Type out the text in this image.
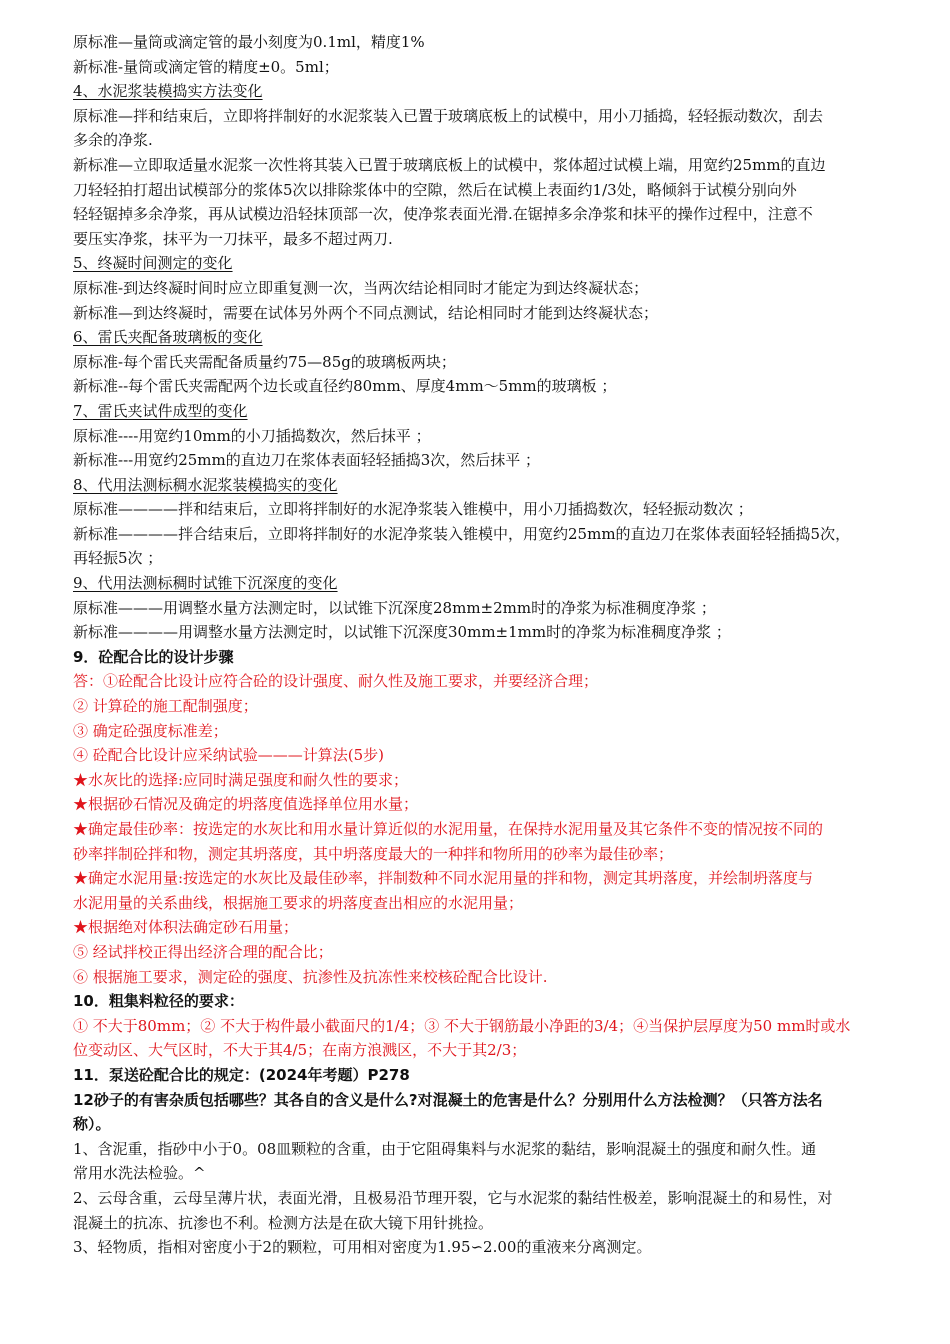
原标准—量筒或滴定管的最小刻度为0.1ml，精度1%

新标准-量筒或滴定管的精度±0。5ml；

4、水泥浆装模捣实方法变化

原标准—拌和结束后，立即将拌制好的水泥浆装入已置于玻璃底板上的试模中，用小刀插捣，轻轻振动数次，刮去

多余的净浆.

新标准—立即取适量水泥浆一次性将其装入已置于玻璃底板上的试模中，浆体超过试模上端，用宽约25mm的直边

刀轻轻拍打超出试模部分的浆体5次以排除浆体中的空隙，然后在试模上表面约1/3处，略倾斜于试模分别向外

轻轻锯掉多余净浆，再从试模边沿轻抹顶部一次，使净浆表面光滑.在锯掉多余净浆和抹平的操作过程中，注意不

要压实净浆，抹平为一刀抹平，最多不超过两刀.

5、终凝时间测定的变化

原标准-到达终凝时间时应立即重复测一次，当两次结论相同时才能定为到达终凝状态；

新标准—到达终凝时，需要在试体另外两个不同点测试，结论相同时才能到达终凝状态；

6、雷氏夹配备玻璃板的变化

原标准-每个雷氏夹需配备质量约75—85g的玻璃板两块；

新标准--每个雷氏夹需配两个边长或直径约80mm、厚度4mm～5mm的玻璃板 ；

7、雷氏夹试件成型的变化

原标准----用宽约10mm的小刀插捣数次，然后抹平 ；

新标准---用宽约25mm的直边刀在浆体表面轻轻插捣3次，然后抹平 ；

8、代用法测标稠水泥浆装模捣实的变化

原标准————拌和结束后，立即将拌制好的水泥净浆装入锥模中，用小刀插捣数次，轻轻振动数次 ；

新标准————拌合结束后，立即将拌制好的水泥净浆装入锥模中，用宽约25mm的直边刀在浆体表面轻轻插捣5次，

再轻振5次 ；

9、代用法测标稠时试锥下沉深度的变化

原标准———用调整水量方法测定时，以试锥下沉深度28mm±2mm时的净浆为标准稠度净浆 ；

新标准————用调整水量方法测定时，以试锥下沉深度30mm±1mm时的净浆为标准稠度净浆 ；

9．砼配合比的设计步骤

答：①砼配合比设计应符合砼的设计强度、耐久性及施工要求，并要经济合理；

② 计算砼的施工配制强度；

③ 确定砼强度标准差；

④ 砼配合比设计应采纳试验———计算法(5步)

★水灰比的选择:应同时满足强度和耐久性的要求；

★根据砂石情况及确定的坍落度值选择单位用水量；

★确定最佳砂率：按选定的水灰比和用水量计算近似的水泥用量，在保持水泥用量及其它条件不变的情况按不同的

砂率拌制砼拌和物，测定其坍落度，其中坍落度最大的一种拌和物所用的砂率为最佳砂率；

★确定水泥用量:按选定的水灰比及最佳砂率，拌制数种不同水泥用量的拌和物，测定其坍落度，并绘制坍落度与

水泥用量的关系曲线，根据施工要求的坍落度查出相应的水泥用量；

★根据绝对体积法确定砂石用量；

⑤ 经试拌校正得出经济合理的配合比；

⑥ 根据施工要求，测定砼的强度、抗渗性及抗冻性来校核砼配合比设计.

10．粗集料粒径的要求：

① 不大于80mm；② 不大于构件最小截面尺的1/4；③ 不大于钢筋最小净距的3/4；④当保护层厚度为50 mm时或水

位变动区、大气区时，不大于其4/5；在南方浪溅区，不大于其2/3；

11．泵送砼配合比的规定：(2024年考题）P278

12砂子的有害杂质包括哪些？其各自的含义是什么?对混凝土的危害是什么？分别用什么方法检测？（只答方法名

称）。

1、含泥重，指砂中小于0。08皿颗粒的含重，由于它阻碍集料与水泥浆的黏结，影响混凝土的强度和耐久性。通

常用水洗法检验。^

2、云母含重，云母呈薄片状，表面光滑，且极易沿节理开裂，它与水泥浆的黏结性极差，影响混凝土的和易性，对

混凝土的抗冻、抗渗也不利。检测方法是在砍大镜下用针挑捡。

3、轻物质，指相对密度小于2的颗粒，可用相对密度为1.95∽2.00的重液来分离测定。
